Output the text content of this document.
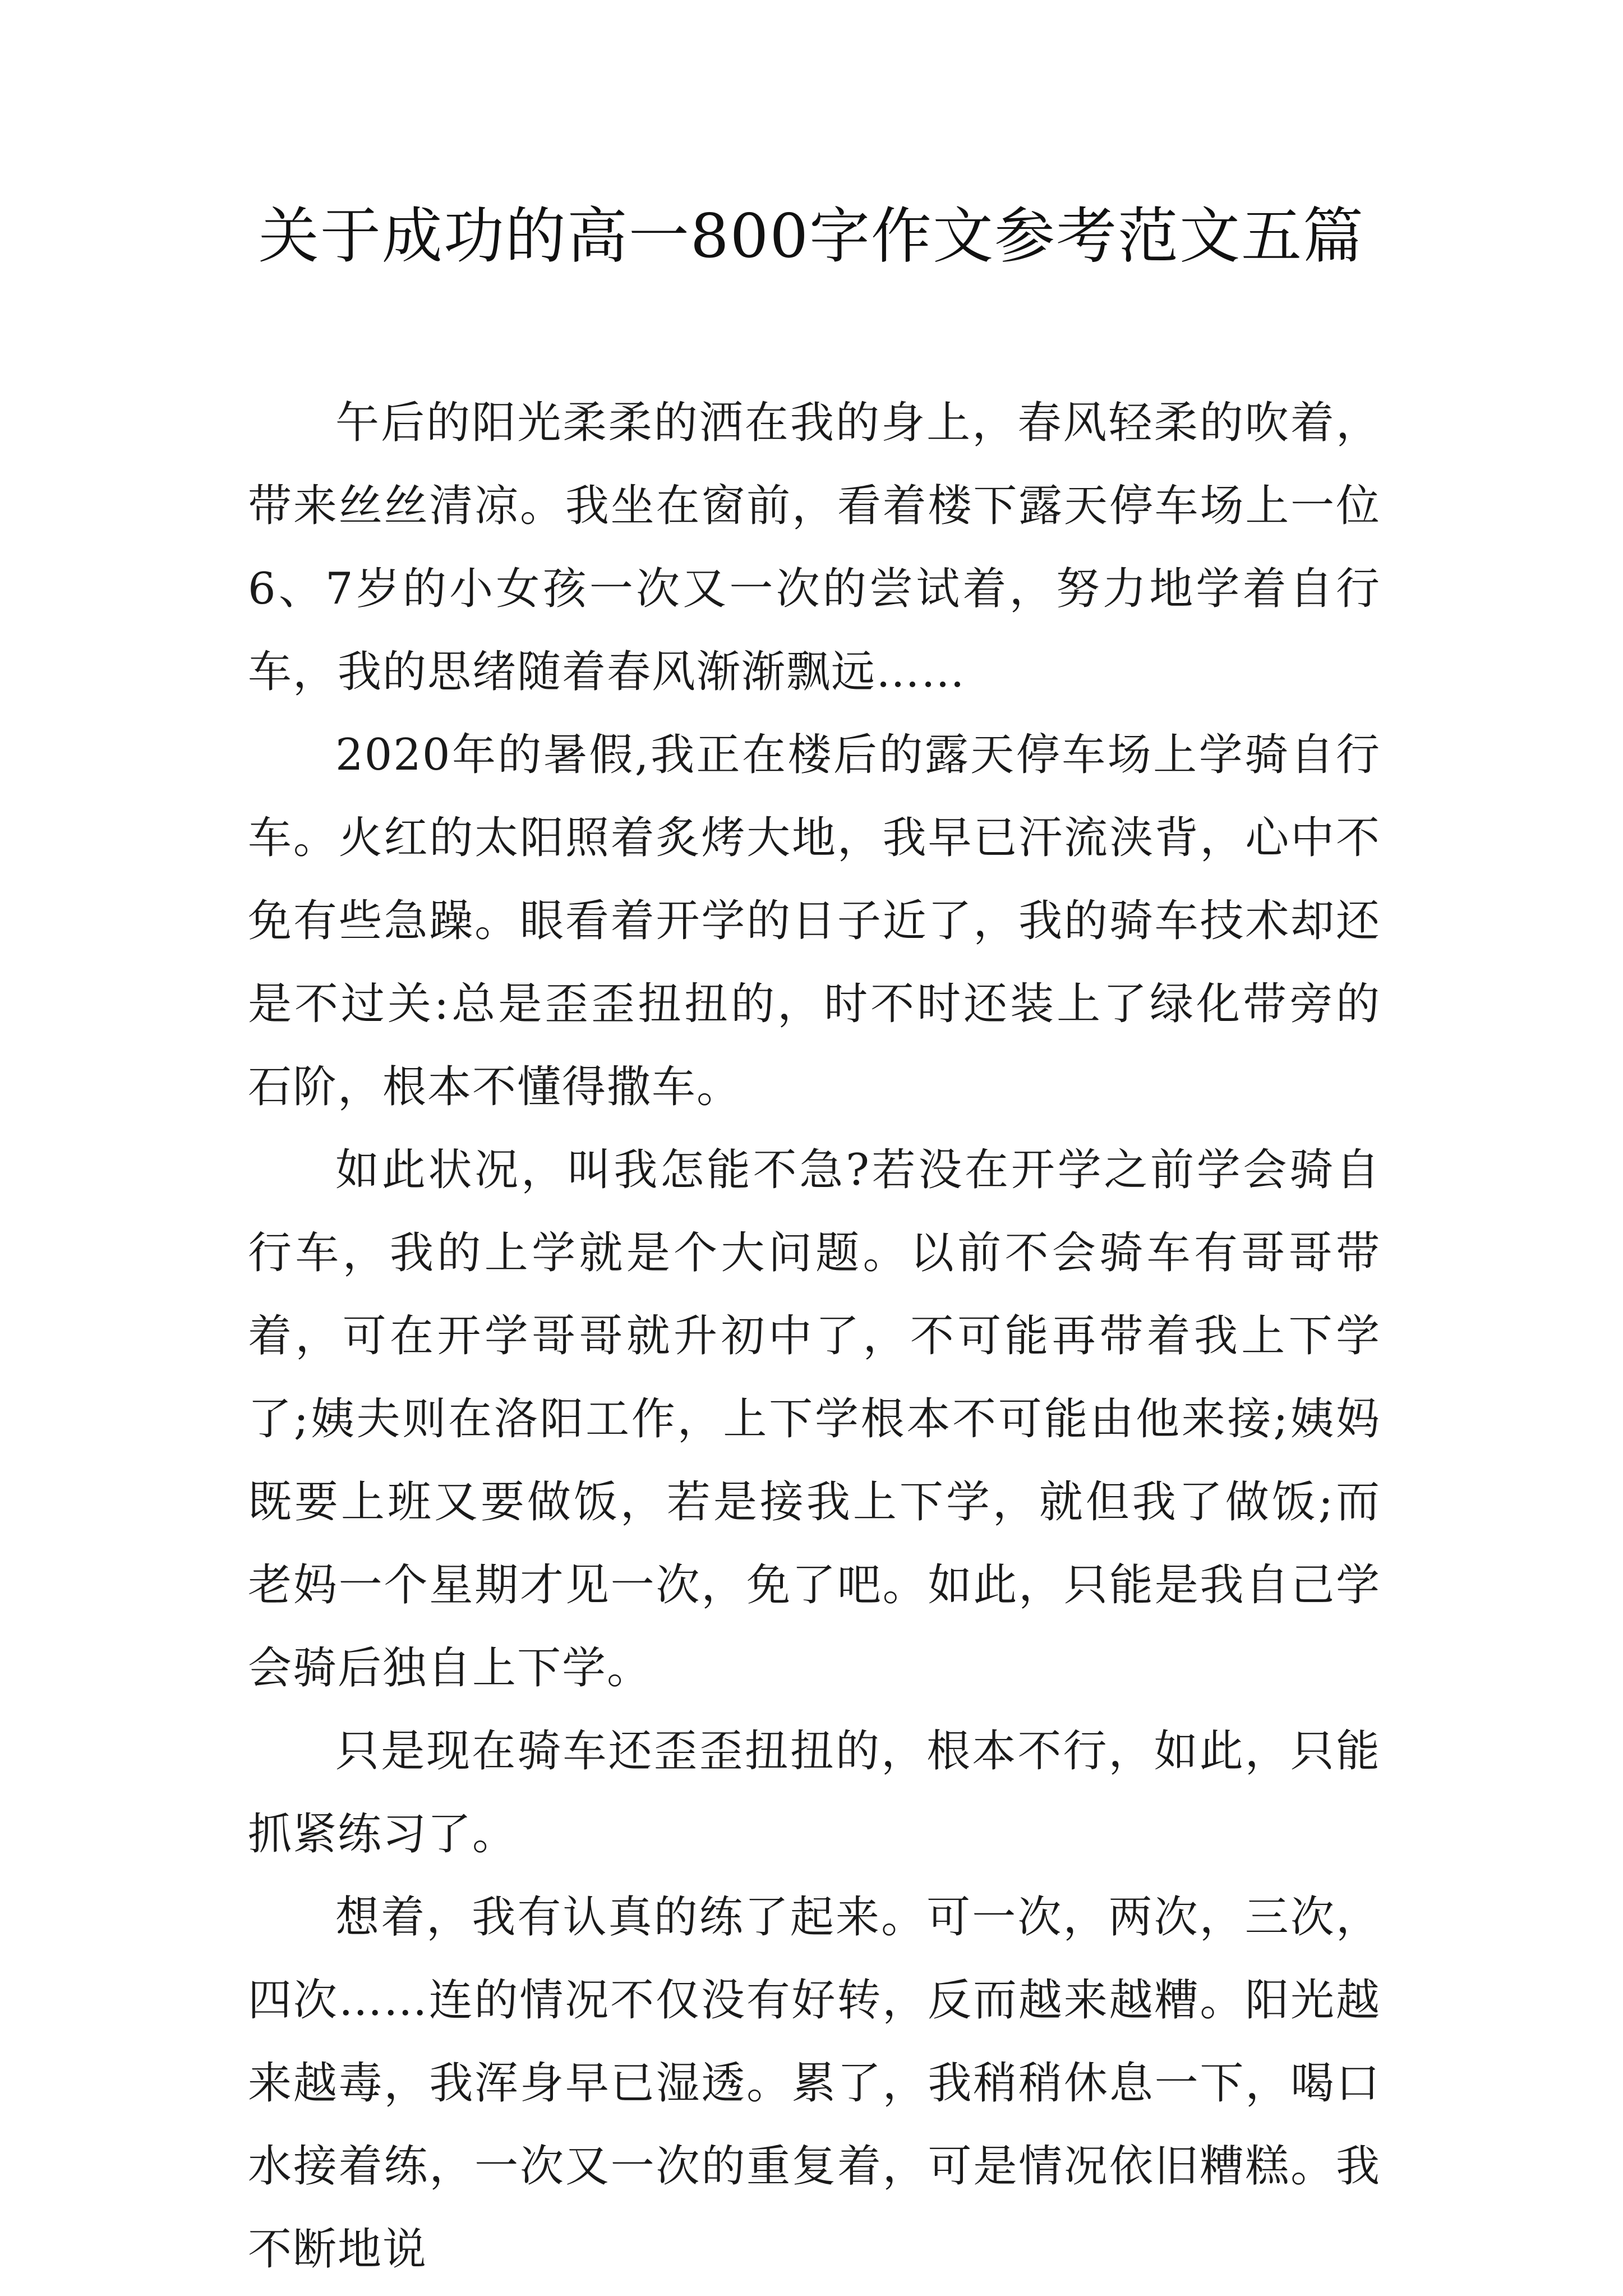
关于成功的高一800字作文参考范文五篇

午后的阳光柔柔的洒在我的身上，春风轻柔的吹着，带来丝丝清凉。我坐在窗前，看着楼下露天停车场上一位6、7岁的小女孩一次又一次的尝试着，努力地学着自行车，我的思绪随着春风渐渐飘远……

2020年的暑假,我正在楼后的露天停车场上学骑自行车。火红的太阳照着炙烤大地，我早已汗流浃背，心中不免有些急躁。眼看着开学的日子近了，我的骑车技术却还是不过关:总是歪歪扭扭的，时不时还装上了绿化带旁的石阶，根本不懂得撒车。

如此状况，叫我怎能不急?若没在开学之前学会骑自行车，我的上学就是个大问题。以前不会骑车有哥哥带着，可在开学哥哥就升初中了，不可能再带着我上下学了;姨夫则在洛阳工作，上下学根本不可能由他来接;姨妈既要上班又要做饭，若是接我上下学，就但我了做饭;而老妈一个星期才见一次，免了吧。如此，只能是我自己学会骑后独自上下学。

只是现在骑车还歪歪扭扭的，根本不行，如此，只能抓紧练习了。

想着，我有认真的练了起来。可一次，两次，三次，四次……连的情况不仅没有好转，反而越来越糟。阳光越来越毒，我浑身早已湿透。累了，我稍稍休息一下，喝口水接着练，一次又一次的重复着，可是情况依旧糟糕。我不断地说
